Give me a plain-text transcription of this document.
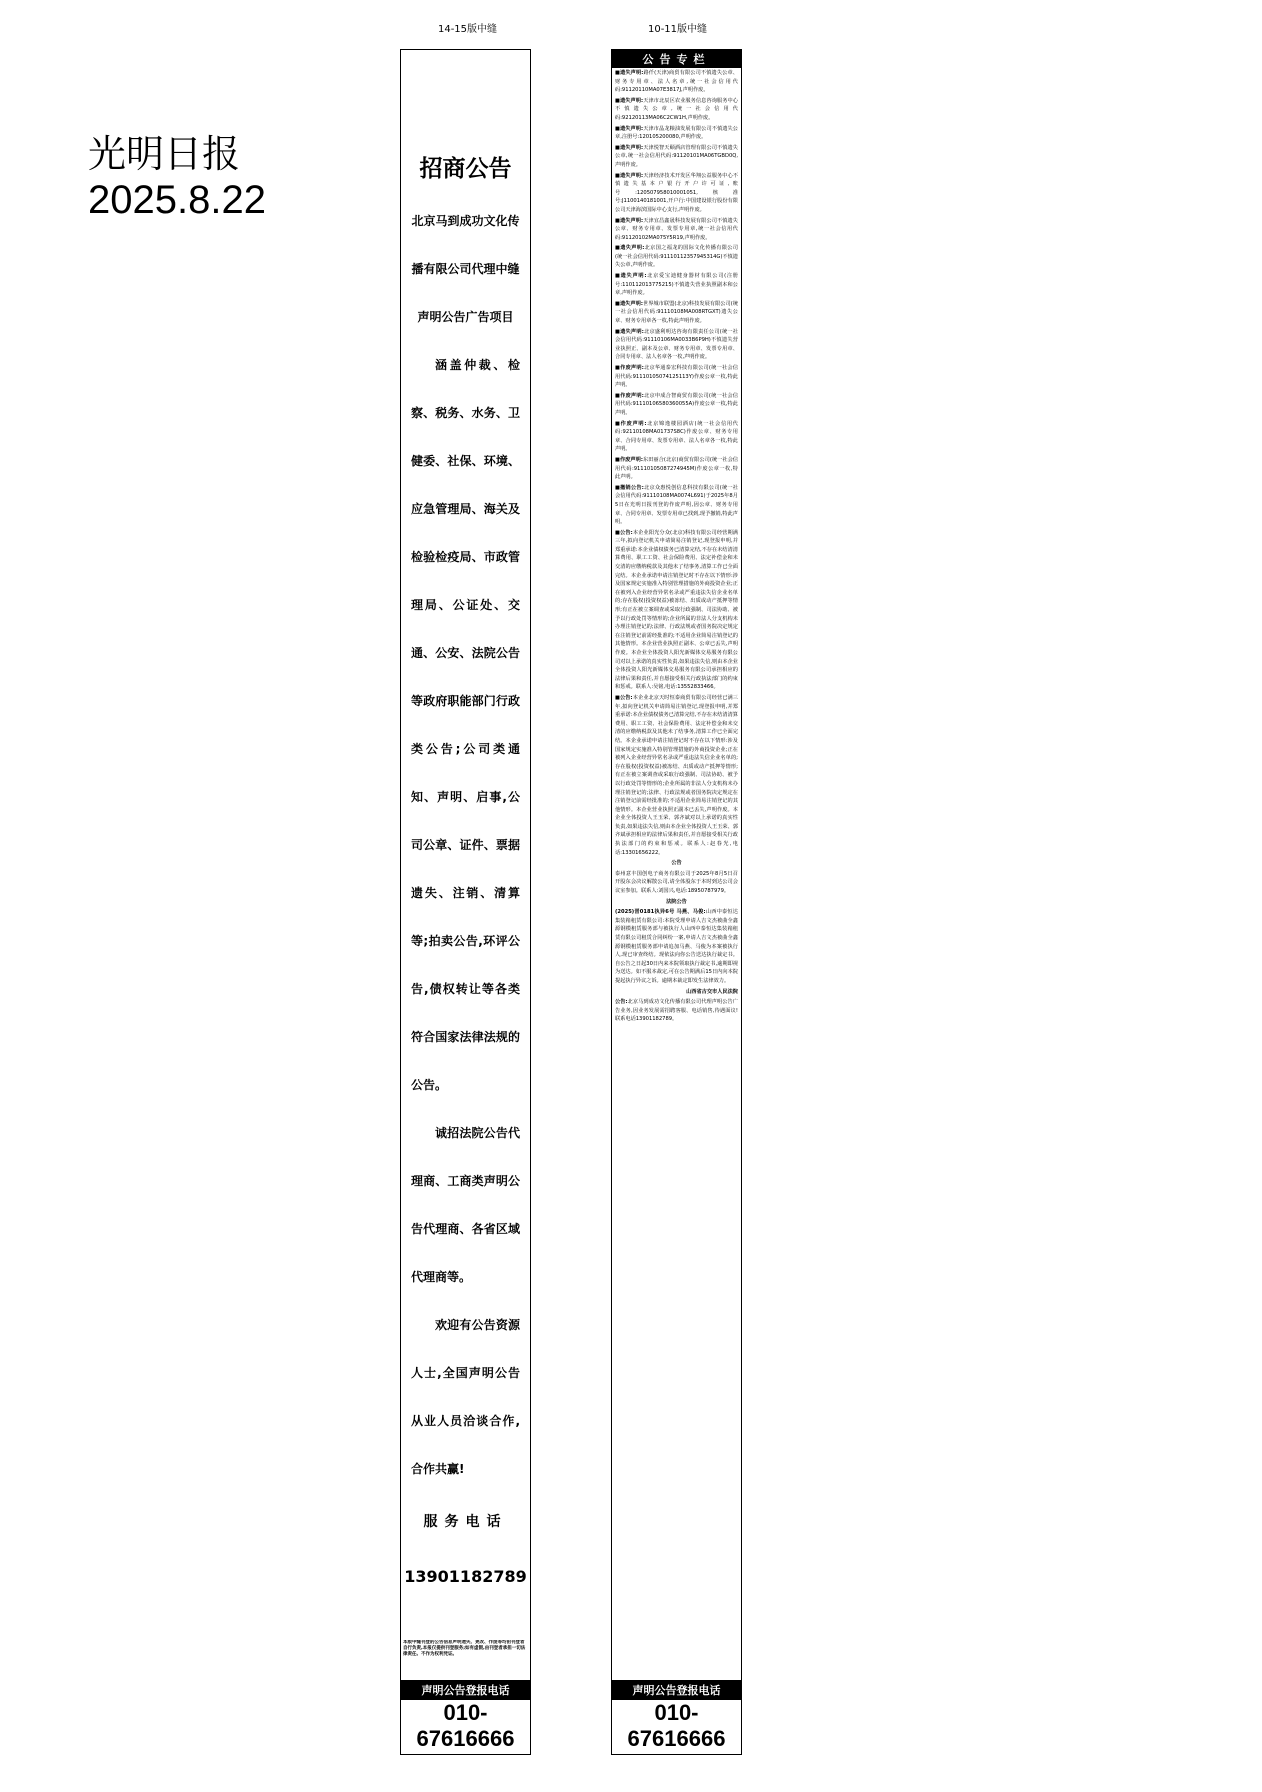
光明日报
2025.8.22
14-15版中缝	10-11版中缝
招商公告
北京马到成功文化传播有限公司代理中缝声明公告广告项目

涵盖仲裁、检察、税务、水务、卫健委、社保、环境、应急管理局、海关及检验检疫局、市政管理局、公证处、交通、公安、法院公告等政府职能部门行政类公告;公司类通知、声明、启事,公司公章、证件、票据遗失、注销、清算等;拍卖公告,环评公告,债权转让等各类符合国家法律法规的公告。

诚招法院公告代理商、工商类声明公告代理商、各省区域代理商等。

欢迎有公告资源人士,全国声明公告从业人员洽谈合作,合作共赢!

服务电话
13901182789
本版中缝刊登的公告信息声明遗失、更改、作废等均由刊登者自行负责,本报仅提供刊登服务;如有虚假,由刊登者承担一切法律责任。不作为权利凭证。
声明公告登报电话
010-67616666
公告专栏
■遗失声明:路仟(天津)商贸有限公司不慎遗失公章、财务专用章、法人名章,统一社会信用代码:91120110MA07E3817J,声明作废。
■遗失声明:天津市北辰区农业服务信息咨询服务中心不慎遗失公章,统一社会信用代码:92120113MA06C2CW1H,声明作废。
■遗失声明:天津市晶龙粮油发展有限公司不慎遗失公章,注册号:120105200080,声明作废。
■遗失声明:天津悦智天颐酒店管理有限公司不慎遗失公章,统一社会信用代码:91120101MA06TGBD0Q,声明作废。
■遗失声明:天津经济技术开发区华翔公益服务中心不慎遗失基本户银行开户许可证,账号:120507958010001051,核准号:J1100140181001,开户行:中国建设银行股份有限公司天津海滨国际中心支行,声明作废。
■遗失声明:天津宜昌鑫晟科技发展有限公司不慎遗失公章、财务专用章、发票专用章,统一社会信用代码:91120102MA075Y5R19,声明作废。
■遗失声明:北京国之福龙的国际文化传播有限公司(统一社会信用代码:91110112357945314G)不慎遗失公章,声明作废。
■遗失声明:北京爱宝迪健身器材有限公司(注册号:110112013775215)不慎遗失营业执照副本和公章,声明作废。
■遗失声明:世界城市联盟(北京)科技发展有限公司(统一社会信用代码:91110108MA008RTGXT)遗失公章、财务专用章各一枚,特此声明作废。
■遗失声明:北京盛利明达咨询有限责任公司(统一社会信用代码:91110106MA0033B6P9H)不慎遗失营业执照正、副本及公章、财务专用章、发票专用章、合同专用章、法人名章各一枚,声明作废。
■作废声明:北京华通泰宏科技有限公司(统一社会信用代码:91110105074125113Y)作废公章一枚,特此声明。
■作废声明:北京申成合智商贸有限公司(统一社会信用代码:91110106580360055A)作废公章一枚,特此声明。
■作废声明:北京锦逸楼园酒店(统一社会信用代码:92110108MA01737S8C)作废公章、财务专用章、合同专用章、发票专用章、法人名章各一枚,特此声明。
■作废声明:东田丽合(北京)商贸有限公司(统一社会信用代码:91110105087274945M)作废公章一枚,特此声明。
■撤销公告:北京众惠悦创信息科技有限公司(统一社会信用代码:91110108MA0074L691)于2025年8月5日在光明日报刊登的作废声明,因公章、财务专用章、合同专用章、发票专用章已找到,现予撤销,特此声明。
■公告:本企业阳光分众(北京)科技有限公司经营期满三年,拟向登记机关申请简易注销登记,现登报申明,并郑重承诺:本企业债权债务已清算完结,不存在未结清清算费用、职工工资、社会保险费用、法定补偿金和未交清的应缴纳税款及其他未了结事务,清算工作已全面完结。本企业承诺申请注销登记时不存在以下情形:涉及国家规定实施准入特别管理措施的外商投资企业;正在被列入企业经营异常名录或严重违法失信企业名单的;存在股权(投资权益)被冻结、出质或动产抵押等情形;有正在被立案调查或采取行政强制、司法协助、被予以行政处罚等情形的;企业所属的非法人分支机构未办理注销登记的;法律、行政法规或者国务院决定规定在注销登记前需经批准的;不适用企业简易注销登记的其他情形。本企业营业执照正副本、公章已丢失,声明作废。本企业全体投资人阳光新媒体交易服务有限公司对以上承诺的真实性负责,如果违法失信,则由本企业全体投资人阳光新媒体交易服务有限公司承担相应的法律后果和责任,并自愿接受相关行政执法部门的约束和惩戒。联系人:吴铭,电话:13552833466。
■公告:本企业北京天时恒泰商贸有限公司经营已满三年,拟向登记机关申请简易注销登记,现登报申明,并郑重承诺:本企业债权债务已清算完结,不存在未结清清算费用、职工工资、社会保险费用、法定补偿金和未交清的应缴纳税款及其他未了结事务,清算工作已全面完结。本企业承诺申请注销登记时不存在以下情形:涉及国家规定实施准入特别管理措施的外商投资企业;正在被列入企业经营异常名录或严重违法失信企业名单的;存在股权(投资权益)被冻结、出质或动产抵押等情形;有正在被立案调查或采取行政强制、司法协助、被予以行政处罚等情形的;企业所属的非法人分支机构未办理注销登记的;法律、行政法规或者国务院决定规定在注销登记前需经批准的;不适用企业简易注销登记的其他情形。本企业营业执照正副本已丢失,声明作废。本企业全体投资人王玉荣、郭齐斌对以上承诺的真实性负责,如果违法失信,则由本企业全体投资人王玉荣、郭齐斌承担相应的法律后果和责任,并自愿接受相关行政执法部门的约束和惩戒。联系人:赵春光,电话:13301656222。
公告
泰州意丰国创电子商务有限公司于2025年8月5日召开股东会决议解散公司,请全体股东于本时到达公司会议室参加。联系人:刘国兴,电话:18950787979。
法院公告
(2025)晋0181执异6号 马燕、马俊:山西中泰恒达集装箱租赁有限公司:本院受理申请人吉文杰被曲全鑫源钢模租赁服务部与被执行人山西中泰恒达集装箱租赁有限公司租赁合同纠纷一案,申请人吉文杰被曲全鑫源钢模租赁服务部申请追加马燕、马俊为本案被执行人,现已审查终结。现依法向你公告送达执行裁定书。自公告之日起30日内来本院领取执行裁定书,逾期即视为送达。如不服本裁定,可在公告期满后15日内向本院提起执行异议之诉。逾期本裁定即发生法律效力。
山西省古交市人民法院
公告:北京马到成功文化传播有限公司代理声明公告广告业务,因业务发展需招聘客服、电话销售,待遇面议!联系电话13901182789。
声明公告登报电话
010-67616666
